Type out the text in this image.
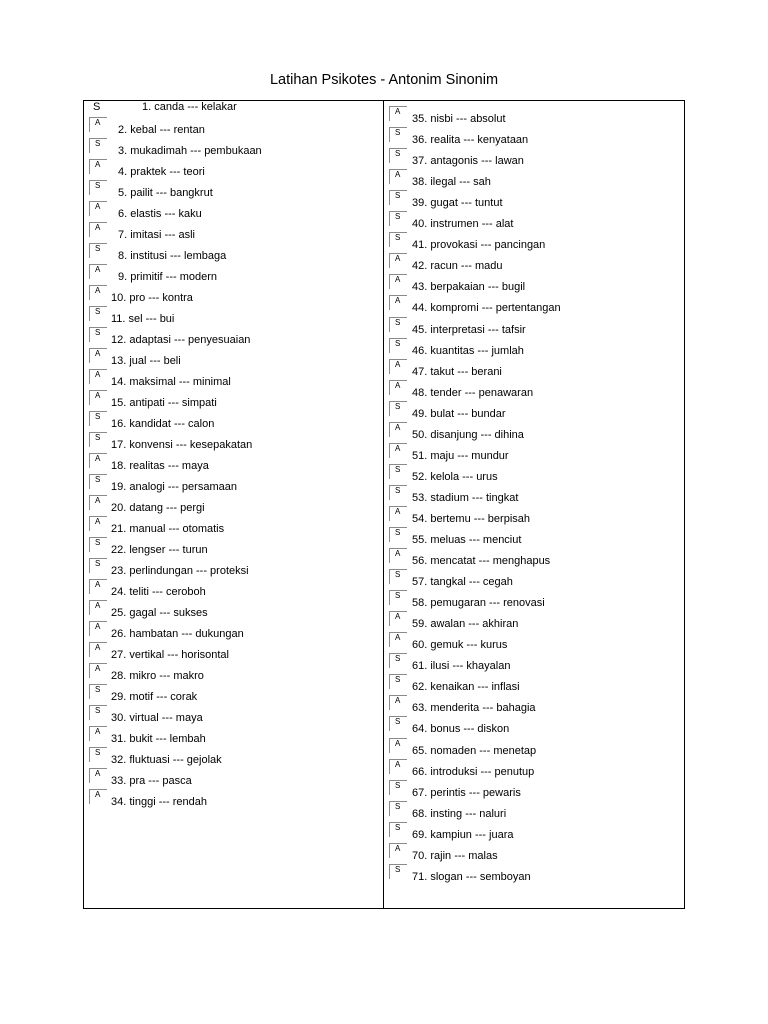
Latihan Psikotes - Antonim Sinonim
S	1. canda --- kelakar
A
2. kebal --- rentan
S
3. mukadimah --- pembukaan
A
4. praktek --- teori
S
5. pailit --- bangkrut
A
6. elastis --- kaku
A
7. imitasi --- asli
S
8. institusi --- lembaga
A
9. primitif --- modern
A
10. pro --- kontra
S
11. sel --- bui
S
12. adaptasi --- penyesuaian
A
13. jual --- beli
A
14. maksimal --- minimal
A
15. antipati --- simpati
S
16. kandidat --- calon
S
17. konvensi --- kesepakatan
A
18. realitas --- maya
S
19. analogi --- persamaan
A
20. datang --- pergi
A
21. manual --- otomatis
S
22. lengser --- turun
S
23. perlindungan --- proteksi
A
24. teliti --- ceroboh
A
25. gagal --- sukses
A
26. hambatan --- dukungan
A
27. vertikal --- horisontal
A
28. mikro --- makro
S
29. motif --- corak
S
30. virtual --- maya
A
31. bukit --- lembah
S
32. fluktuasi --- gejolak
A
33. pra --- pasca
A
34. tinggi --- rendah
A
35. nisbi --- absolut
S
36. realita --- kenyataan
S
37. antagonis --- lawan
A
38. ilegal --- sah
S
39. gugat --- tuntut
S
40. instrumen --- alat
S
41. provokasi --- pancingan
A
42. racun --- madu
A
43. berpakaian --- bugil
A
44. kompromi --- pertentangan
S
45. interpretasi --- tafsir
S
46. kuantitas --- jumlah
A
47. takut --- berani
A
48. tender --- penawaran
S
49. bulat --- bundar
A
50. disanjung --- dihina
A
51. maju --- mundur
S
52. kelola --- urus
S
53. stadium --- tingkat
A
54. bertemu --- berpisah
S
55. meluas --- menciut
A
56. mencatat --- menghapus
S
57. tangkal --- cegah
S
58. pemugaran --- renovasi
A
59. awalan --- akhiran
A
60. gemuk --- kurus
S
61. ilusi --- khayalan
S
62. kenaikan --- inflasi
A
63. menderita --- bahagia
S
64. bonus --- diskon
A
65. nomaden --- menetap
A
66. introduksi --- penutup
S
67. perintis --- pewaris
S
68. insting --- naluri
S
69. kampiun --- juara
A
70. rajin --- malas
S
71. slogan --- semboyan
